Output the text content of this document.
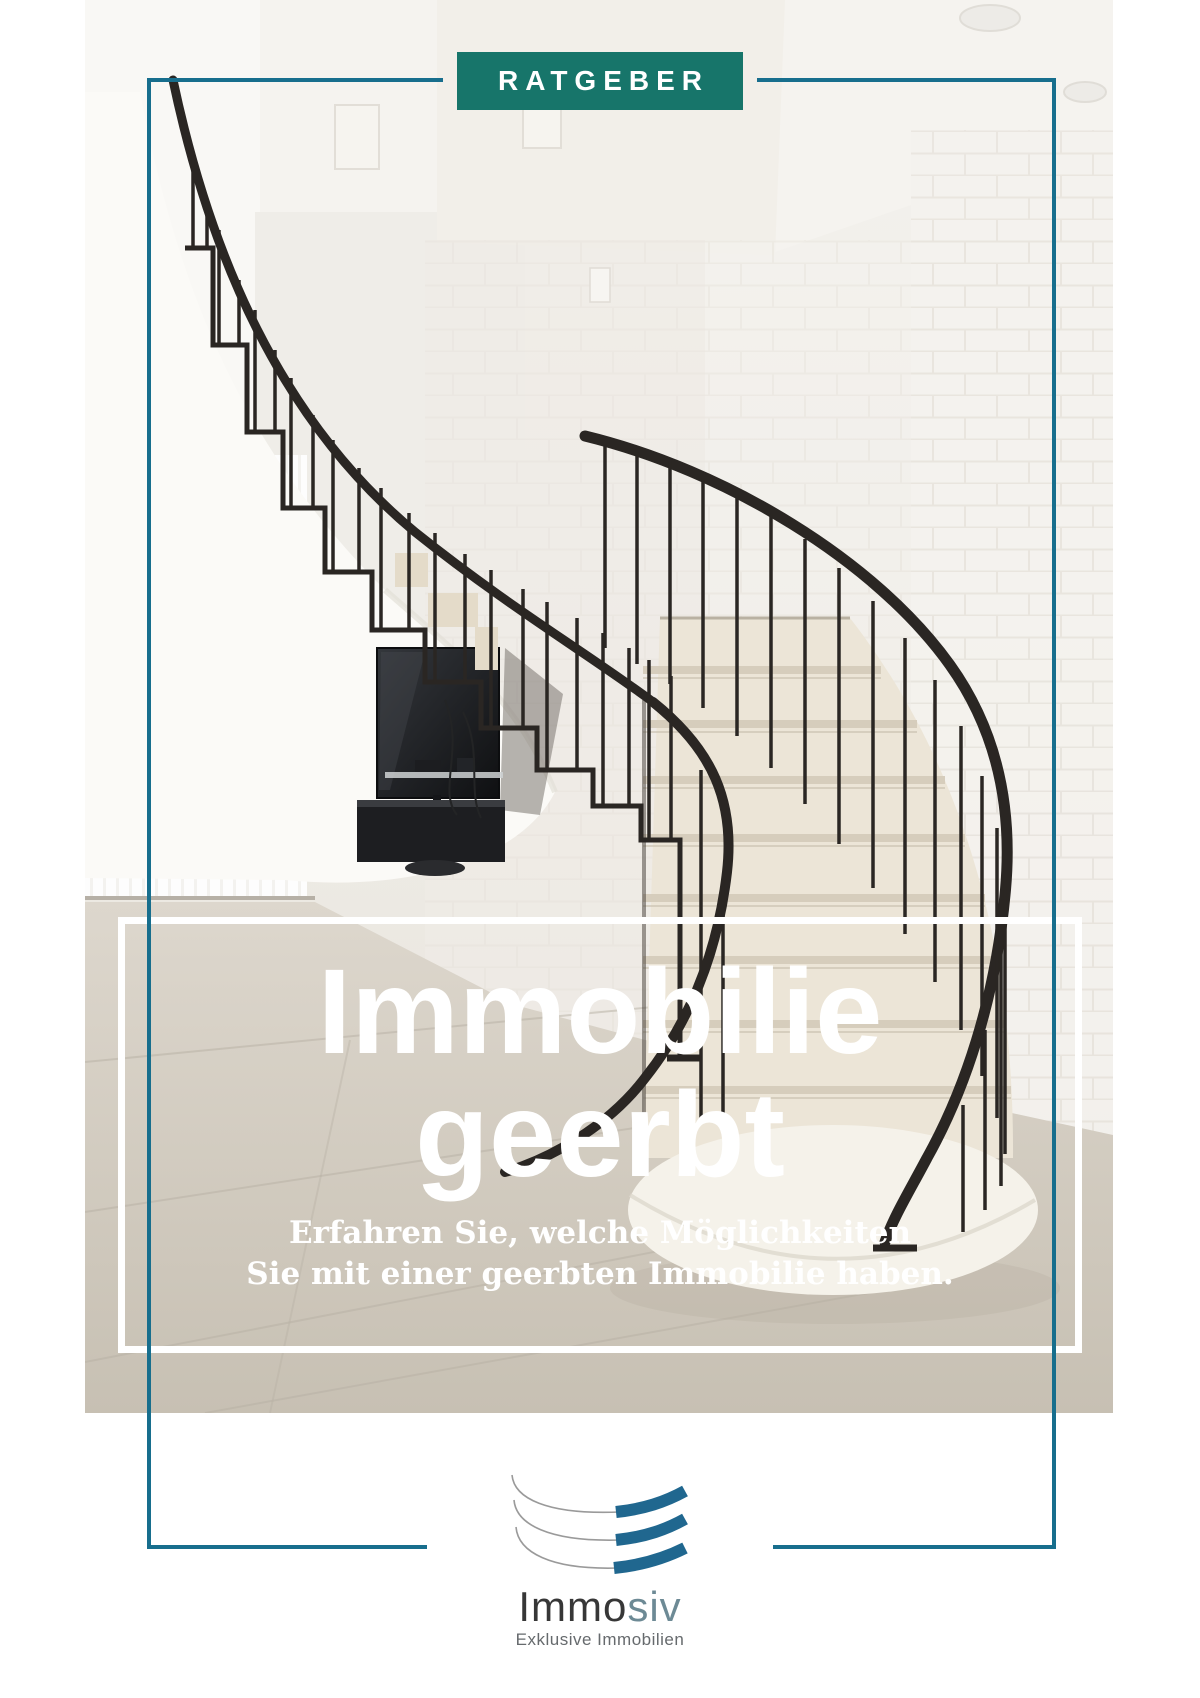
RATGEBER
Immobilie
geerbt
Erfahren Sie, welche Möglichkeiten
Sie mit einer geerbten Immobilie haben.
Immosiv
Exklusive Immobilien
